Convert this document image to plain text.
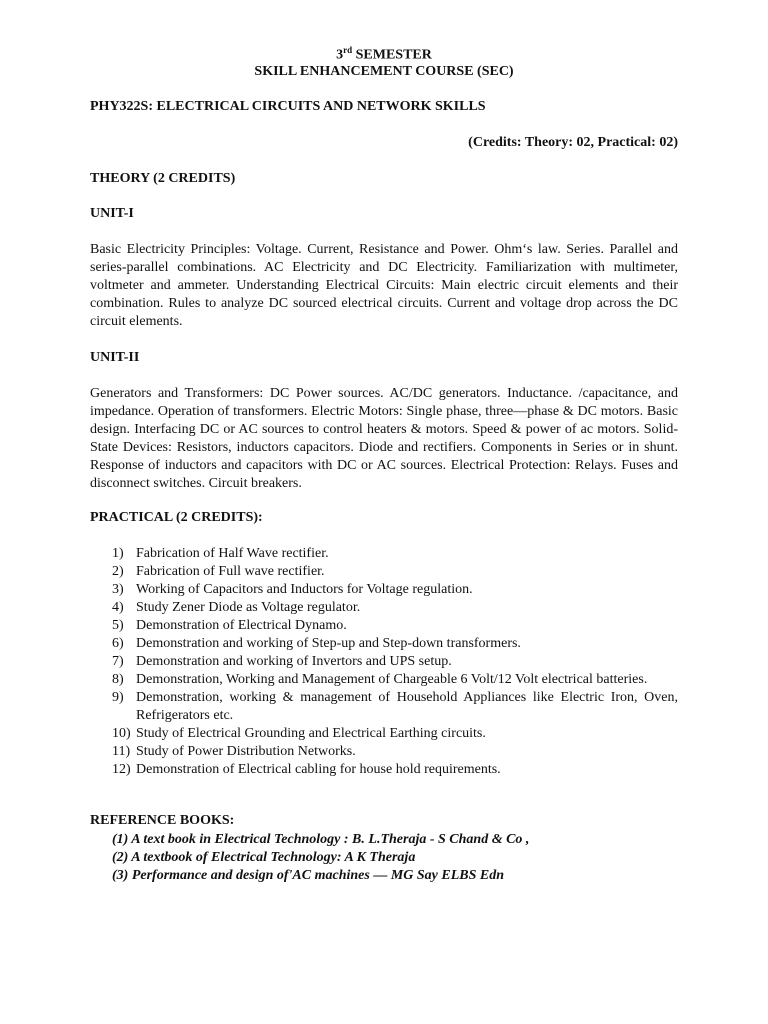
3rd SEMESTER
SKILL ENHANCEMENT COURSE (SEC)
PHY322S: ELECTRICAL CIRCUITS AND NETWORK SKILLS
(Credits: Theory: 02, Practical: 02)
THEORY (2 CREDITS)
UNIT-I
Basic Electricity Principles: Voltage. Current, Resistance and Power. Ohm‘s law. Series. Parallel and series-parallel combinations. AC Electricity and DC Electricity. Familiarization with multimeter, voltmeter and ammeter. Understanding Electrical Circuits: Main electric circuit elements and their combination. Rules to analyze DC sourced electrical circuits. Current and voltage drop across the DC circuit elements.
UNIT-II
Generators and Transformers: DC Power sources. AC/DC generators. Inductance. /capacitance, and impedance. Operation of transformers. Electric Motors: Single phase, three—phase & DC motors. Basic design. Interfacing DC or AC sources to control heaters & motors. Speed & power of ac motors. Solid-State Devices: Resistors, inductors capacitors. Diode and rectifiers. Components in Series or in shunt. Response of inductors and capacitors with DC or AC sources. Electrical Protection: Relays. Fuses and disconnect switches. Circuit breakers.
PRACTICAL (2 CREDITS):
1) Fabrication of Half Wave rectifier.
2) Fabrication of Full wave rectifier.
3) Working of Capacitors and Inductors for Voltage regulation.
4) Study Zener Diode as Voltage regulator.
5) Demonstration of Electrical Dynamo.
6) Demonstration and working of Step-up and Step-down transformers.
7) Demonstration and working of Invertors and UPS setup.
8) Demonstration, Working and Management of Chargeable 6 Volt/12 Volt electrical batteries.
9) Demonstration, working & management of Household Appliances like Electric Iron, Oven, Refrigerators etc.
10) Study of Electrical Grounding and Electrical Earthing circuits.
11) Study of Power Distribution Networks.
12) Demonstration of Electrical cabling for house hold requirements.
REFERENCE BOOKS:
(1) A text book in Electrical Technology : B. L.Theraja - S Chand & Co ,
(2) A textbook of Electrical Technology: A K Theraja
(3) Performance and design of'AC machines — MG Say ELBS Edn
